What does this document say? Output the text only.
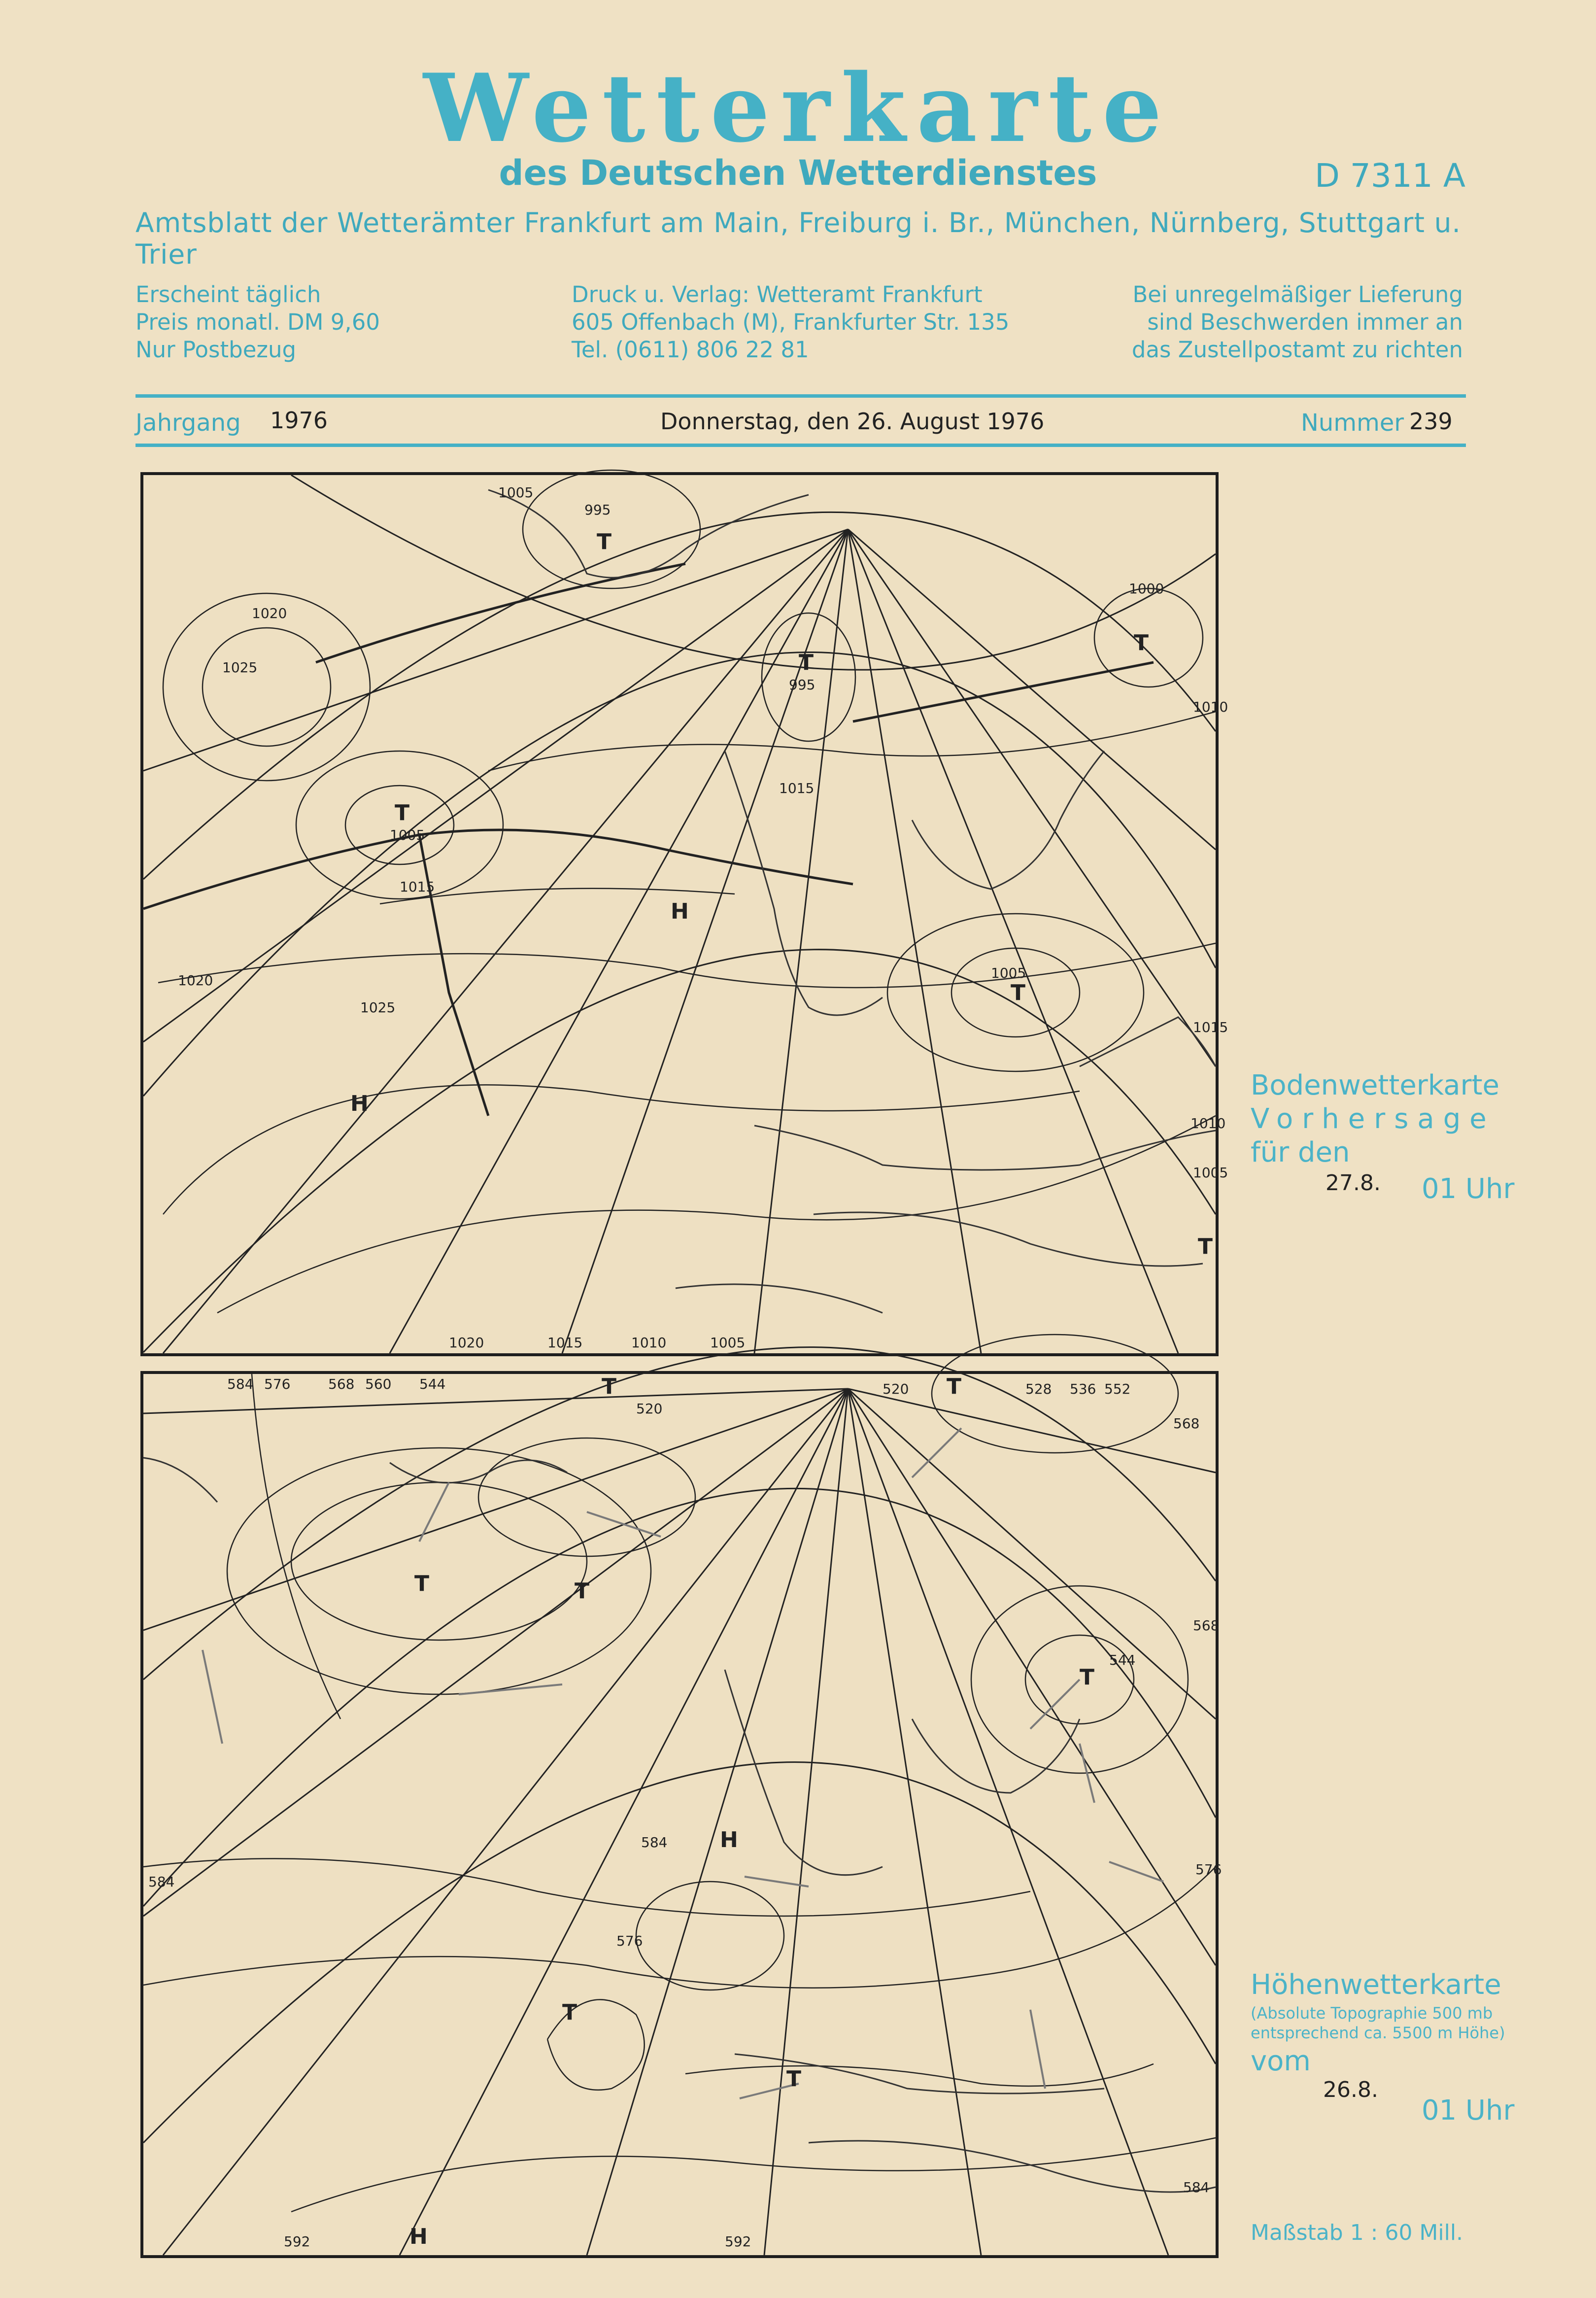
Wetterkarte
des Deutschen Wetterdienstes	D 7311 A
Amtsblatt der Wetterämter Frankfurt am Main, Freiburg i. Br., München, Nürnberg, Stuttgart u. Trier
Erscheint täglich
Preis monatl. DM 9,60
Nur Postbezug
Druck u. Verlag: Wetteramt Frankfurt
605 Offenbach (M), Frankfurter Str. 135
Tel. (0611) 806 22 81
Bei unregelmäßiger Lieferung
sind Beschwerden immer an
das Zustellpostamt zu richten
Jahrgang 1976	Donnerstag, den 26. August 1976	Nummer 239
1005
995
1000
995
1010
1020
1025
1005
1015
1020
1025
1015
1005
1015
1010
1005
1020	1015	1010	1005
T
T
T
T
T
T
H
H
Bodenwetterkarte
Vorhersage
für den
27.8. 01 Uhr
584 576	568 560 544
520
520	528 536 552
568
544
568
576
584
576
584
584
592	592
T	T
T	T
T
T
T
H
H
Höhenwetterkarte
(Absolute Topographie 500 mb
entsprechend ca. 5500 m Höhe)
vom
26.8.
01 Uhr
Maßstab 1 : 60 Mill.
